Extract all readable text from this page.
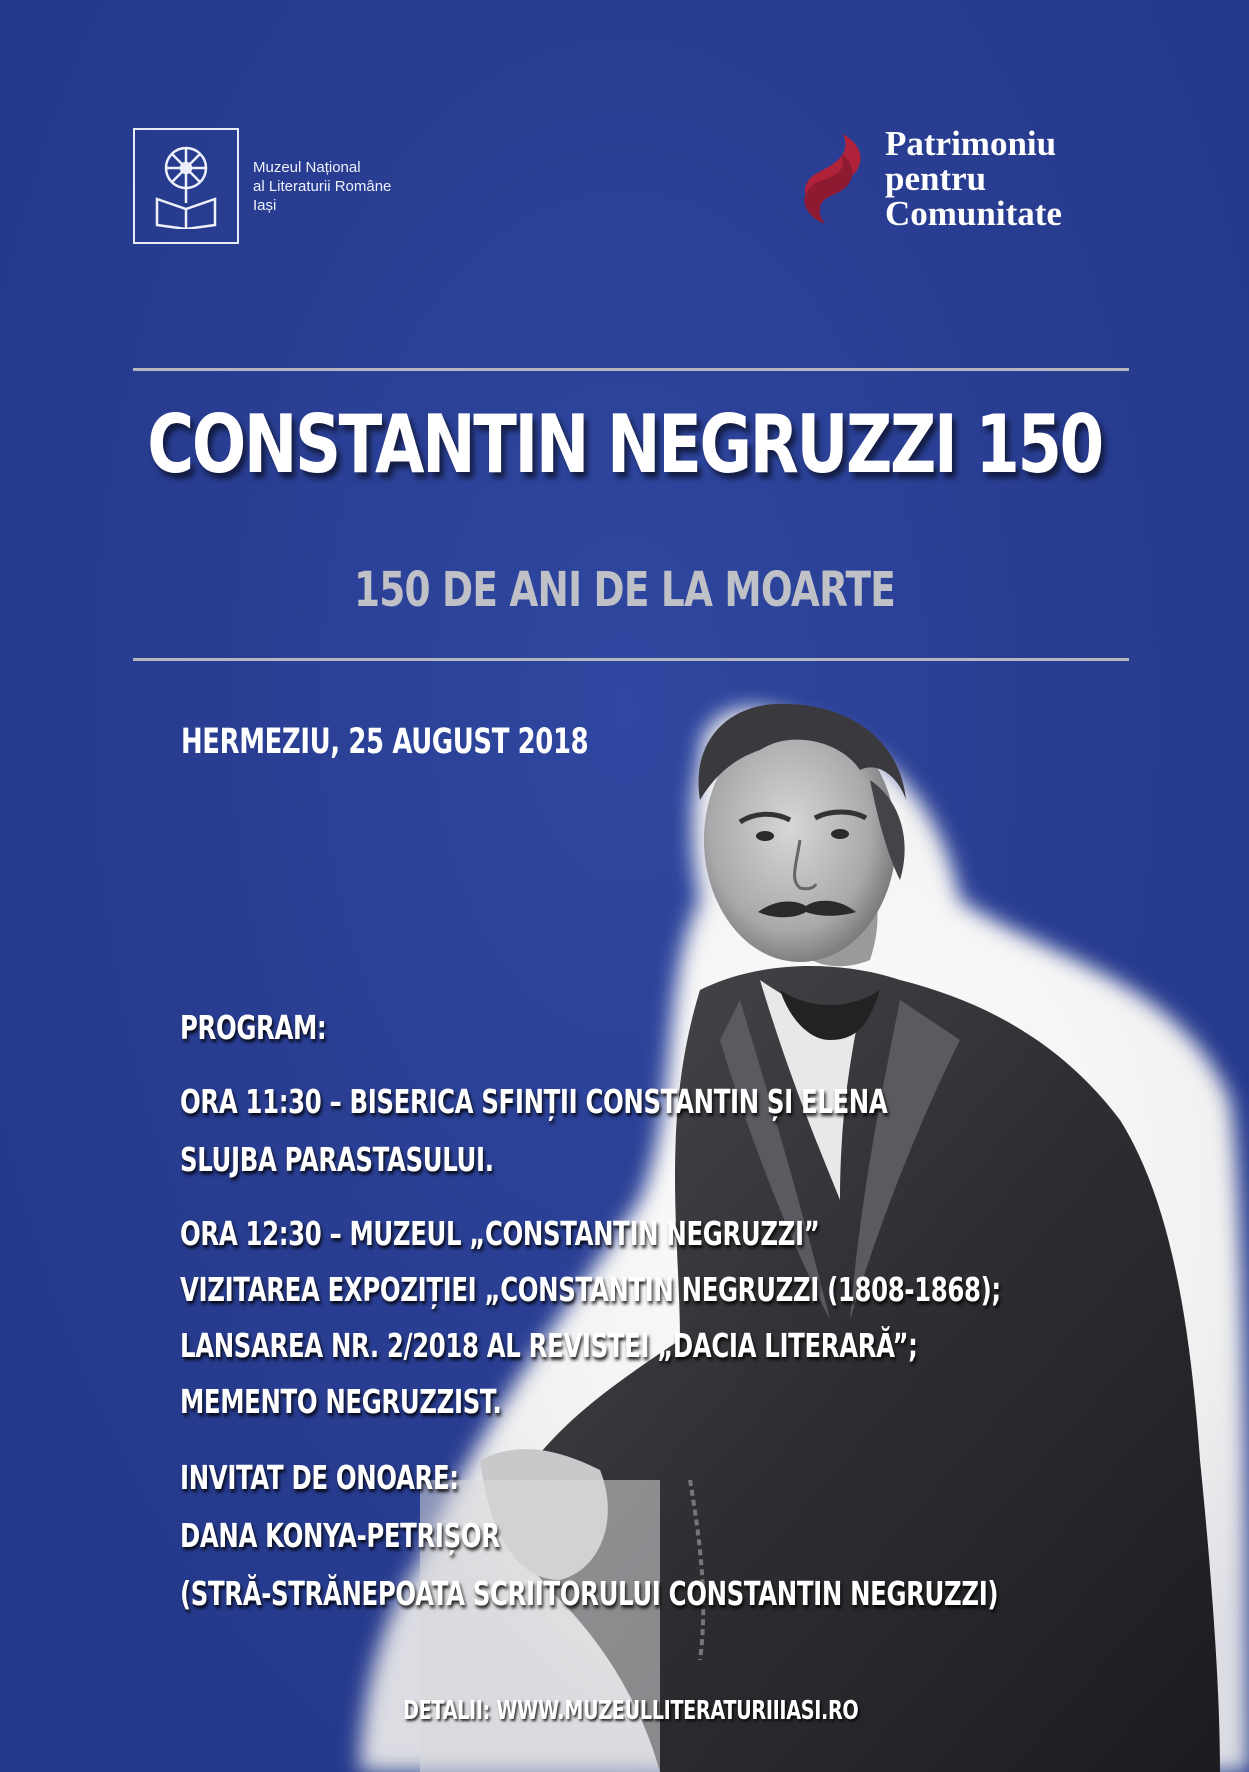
Muzeul Național
al Literaturii Române
Iași
Patrimoniu
pentru
Comunitate
CONSTANTIN NEGRUZZI 150
150 DE ANI DE LA MOARTE
HERMEZIU, 25 AUGUST 2018
PROGRAM:
ORA 11:30 – BISERICA SFINȚII CONSTANTIN ȘI ELENA
SLUJBA PARASTASULUI.
ORA 12:30 – MUZEUL „CONSTANTIN NEGRUZZI”
VIZITAREA EXPOZIȚIEI „CONSTANTIN NEGRUZZI (1808-1868);
LANSAREA NR. 2/2018 AL REVISTEI „DACIA LITERARĂ”;
MEMENTO NEGRUZZIST.
INVITAT DE ONOARE:
DANA KONYA-PETRIȘOR
(STRĂ-STRĂNEPOATA SCRIITORULUI CONSTANTIN NEGRUZZI)
DETALII: WWW.MUZEULLITERATURIIIASI.RO
